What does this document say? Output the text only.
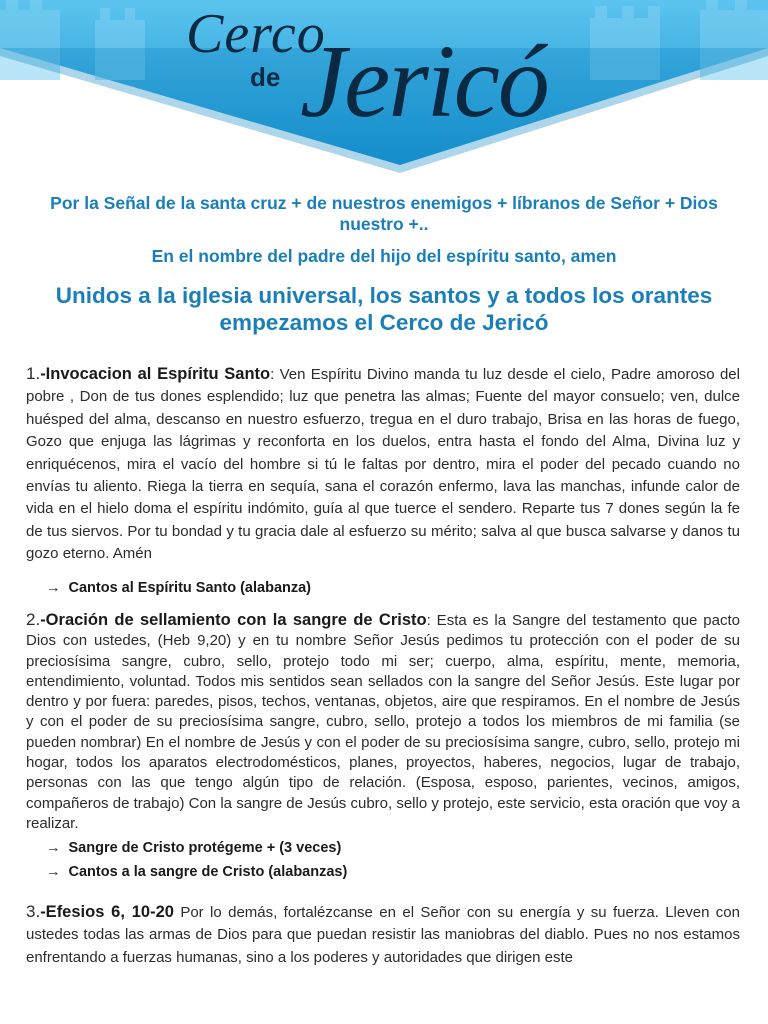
Cerco
de Jericó
Por la Señal de la santa cruz + de nuestros enemigos + líbranos de Señor + Dios nuestro +..
En el nombre del padre del hijo del espíritu santo, amen
Unidos a la iglesia universal, los santos y a todos los orantes empezamos el Cerco de Jericó
1.-Invocacion al Espíritu Santo: Ven Espíritu Divino manda tu luz desde el cielo, Padre amoroso del pobre , Don de tus dones esplendido; luz que penetra las almas; Fuente del mayor consuelo; ven, dulce huésped del alma, descanso en nuestro esfuerzo, tregua en el duro trabajo, Brisa en las horas de fuego, Gozo que enjuga las lágrimas y reconforta en los duelos, entra hasta el fondo del Alma, Divina luz y enriquécenos, mira el vacío del hombre si tú le faltas por dentro, mira el poder del pecado cuando no envías tu aliento. Riega la tierra en sequía, sana el corazón enfermo, lava las manchas, infunde calor de vida en el hielo doma el espíritu indómito, guía al que tuerce el sendero. Reparte tus 7 dones según la fe de tus siervos. Por tu bondad y tu gracia dale al esfuerzo su mérito; salva al que busca salvarse y danos tu gozo eterno. Amén
→ Cantos al Espíritu Santo (alabanza)
2.-Oración de sellamiento con la sangre de Cristo: Esta es la Sangre del testamento que pacto Dios con ustedes, (Heb 9,20) y en tu nombre Señor Jesús pedimos tu protección con el poder de su preciosísima sangre, cubro, sello, protejo todo mi ser; cuerpo, alma, espíritu, mente, memoria, entendimiento, voluntad. Todos mis sentidos sean sellados con la sangre del Señor Jesús. Este lugar por dentro y por fuera: paredes, pisos, techos, ventanas, objetos, aire que respiramos. En el nombre de Jesús y con el poder de su preciosísima sangre, cubro, sello, protejo a todos los miembros de mi familia (se pueden nombrar) En el nombre de Jesús y con el poder de su preciosísima sangre, cubro, sello, protejo mi hogar, todos los aparatos electrodomésticos, planes, proyectos, haberes, negocios, lugar de trabajo, personas con las que tengo algún tipo de relación. (Esposa, esposo, parientes, vecinos, amigos, compañeros de trabajo) Con la sangre de Jesús cubro, sello y protejo, este servicio, esta oración que voy a realizar.
→ Sangre de Cristo protégeme + (3 veces)
→ Cantos a la sangre de Cristo (alabanzas)
3.-Efesios 6, 10-20 Por lo demás, fortalézcanse en el Señor con su energía y su fuerza. Lleven con ustedes todas las armas de Dios para que puedan resistir las maniobras del diablo. Pues no nos estamos enfrentando a fuerzas humanas, sino a los poderes y autoridades que dirigen este
